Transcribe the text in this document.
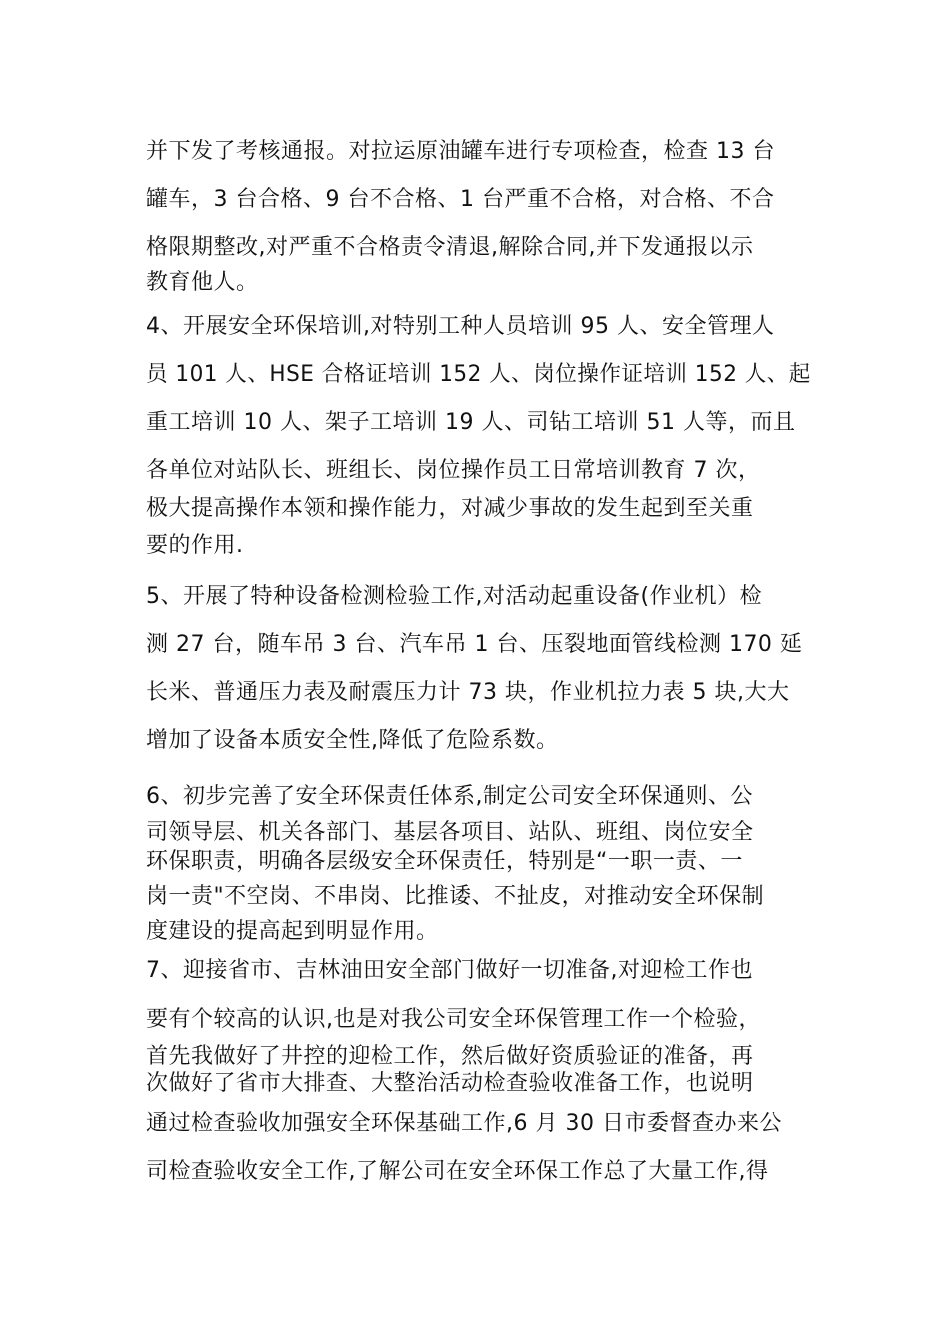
并下发了考核通报。对拉运原油罐车进行专项检查，检查 13 台
罐车，3 台合格、9 台不合格、1 台严重不合格，对合格、不合
格限期整改,对严重不合格责令清退,解除合同,并下发通报以示
教育他人。
4、开展安全环保培训,对特别工种人员培训 95 人、安全管理人
员 101 人、HSE 合格证培训 152 人、岗位操作证培训 152 人、起
重工培训 10 人、架子工培训 19 人、司钻工培训 51 人等，而且
各单位对站队长、班组长、岗位操作员工日常培训教育 7 次，
极大提高操作本领和操作能力，对减少事故的发生起到至关重
要的作用.
5、开展了特种设备检测检验工作,对活动起重设备(作业机）检
测 27 台，随车吊 3 台、汽车吊 1 台、压裂地面管线检测 170 延
长米、普通压力表及耐震压力计 73 块，作业机拉力表 5 块,大大
增加了设备本质安全性,降低了危险系数。
6、初步完善了安全环保责任体系,制定公司安全环保通则、公
司领导层、机关各部门、基层各项目、站队、班组、岗位安全
环保职责，明确各层级安全环保责任，特别是“一职一责、一
岗一责"不空岗、不串岗、比推诿、不扯皮，对推动安全环保制
度建设的提高起到明显作用。
7、迎接省市、吉林油田安全部门做好一切准备,对迎检工作也
要有个较高的认识,也是对我公司安全环保管理工作一个检验，
首先我做好了井控的迎检工作，然后做好资质验证的准备，再
次做好了省市大排查、大整治活动检查验收准备工作，也说明
通过检查验收加强安全环保基础工作,6 月 30 日市委督查办来公
司检查验收安全工作,了解公司在安全环保工作总了大量工作,得
